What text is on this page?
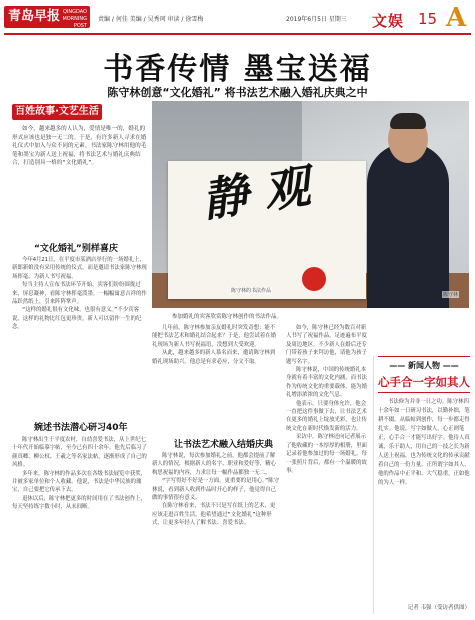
青岛早报 QINGDAO MORNING POST
责编 / 何佳 美编 / 吴秀珂 审读 / 徐雪梅	2019年6月5日 星期三 文娱 15 A
书香传情 墨宝送福
陈守林创意“文化婚礼” 将书法艺术融入婚礼庆典之中
百姓故事·文艺生活
如今，越来越多的人认为，爱情是唯一的，婚礼的形式应该也是独一无二的。于是，有许多新人寻求在婚礼仪式中加入与众不同的元素。书法家陈守林用他的毛笔和墨宝为新人送上祝福，将书法艺术与婚礼庆典结合，打造别具一格的“文化婚礼”。	静 观
陈守林的书法作品
陈守林
参加婚礼的宾客欣赏陈守林创作的书法作品。
“文化婚礼”别样喜庆

今年4月21日，在平度市某酒店举行的一场婚礼上，新郎新娘没有采用传统的仪式，而是邀请书法家陈守林现场挥毫，为新人书写祝福。

每当主持人宣布书法环节开始，宾客们纷纷围拢过来，屏息凝神，看陈守林挥毫泼墨。一幅幅寓意吉祥的作品跃然纸上，引来阵阵掌声。

“这样的婚礼很有文化味，也很有意义。”不少宾客说，这样的礼物比红包更珍贵，新人可以留作一生的纪念。

婉述书法潜心研习40年

陈守林出生于平度农村，自幼喜爱书法，从上世纪七十年代开始临摹字帖，至今已有四十余年。他先后临习了颜真卿、柳公权、王羲之等名家法帖，逐渐形成了自己的风格。

多年来，陈守林的作品多次在各级书法展览中获奖，并被多家单位和个人收藏。他说，书法是中华民族的瑰宝，自己要把它传承下去。

退休以后，陈守林把更多的时间用在了书法创作上，每天坚持练字数小时，从未间断。

几年前，陈守林参加亲友婚礼时突发奇想：能不能把书法艺术和婚礼结合起来？于是，他尝试着在婚礼现场为新人书写祝福语，没想到大受欢迎。

从此，越来越多的新人慕名而来，邀请陈守林到婚礼现场助兴。他总是有求必应，分文不取。

让书法艺术融入结婚庆典

陈守林说，每次参加婚礼之前，他都会提前了解新人的情况，根据新人的名字、职业和爱好等，精心构思祝福的内容，力求让每一幅作品都独一无二。

“字写得好不好是一方面，更重要的是用心。”陈守林说，看到新人收到作品时开心的样子，他觉得自己做的事情很有意义。

在陈守林看来，书法不只是写在纸上的艺术，更应该走进百姓生活。他希望通过“文化婚礼”这种形式，让更多年轻人了解书法、喜爱书法。

如今，陈守林已经为数百对新人书写了祝福作品，足迹遍布平度及周边地区。不少新人在婚后还专门带着孩子来拜访他，请他为孩子题写名字。

陈守林说，中国的传统婚礼本身就有着丰富的文化内涵，而书法作为传统文化的重要载体，能为婚礼增添浓浓的文化气息。

他表示，只要身体允许，他会一直把这件事做下去，让书法艺术在更多的婚礼上绽放光彩，也让传统文化在新时代焕发新的活力。

采访中，陈守林还向记者展示了他收藏的一本厚厚的相册，里面记录着他参加过的每一场婚礼。每一张照片背后，都有一个温暖的故事。

—— 新闻人物 ——
心手合一字如其人
书法修为并非一日之功。陈守林四十余年如一日研习书法，以勤补拙，笔耕不辍，从临帖到创作，每一步都走得扎实。他说，写字如做人，心正则笔正，心手合一才能写出好字。他待人真诚，乐于助人，用自己的一技之长为新人送上祝福，也为传统文化的传承贡献着自己的一份力量。正所谓字如其人，他的作品中正平和、大气稳重，正如他的为人一样。
记者 韦强（受访者供图）
